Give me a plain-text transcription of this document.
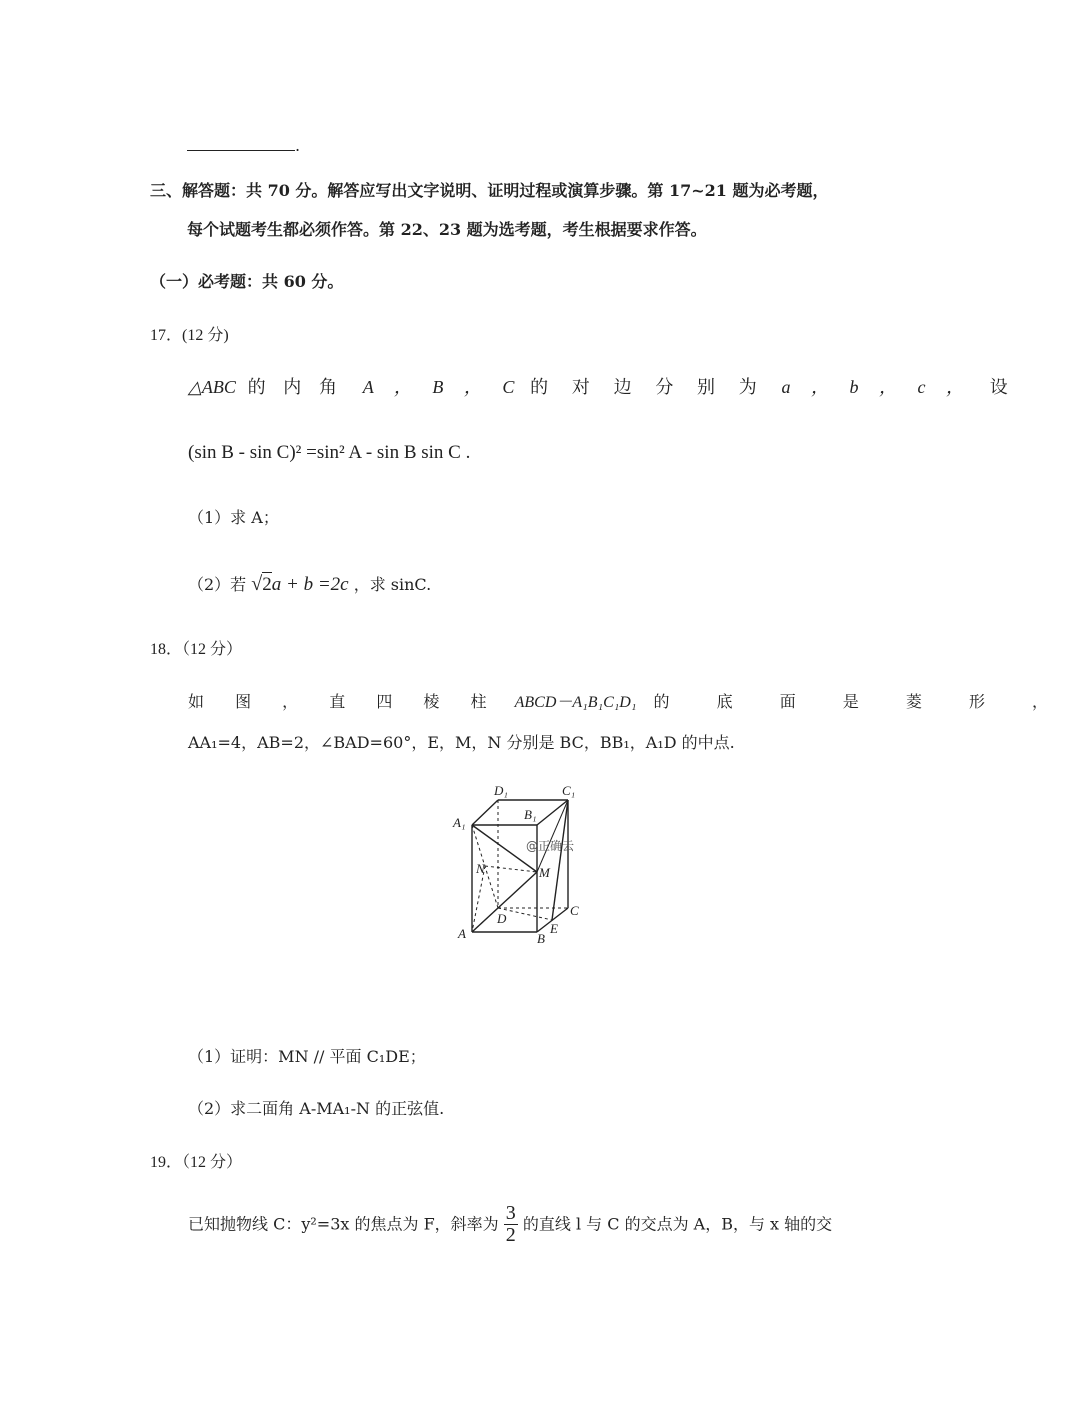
.
三、解答题：共 70 分。解答应写出文字说明、证明过程或演算步骤。第 17~21 题为必考题，
每个试题考生都必须作答。第 22、23 题为选考题，考生根据要求作答。
（一）必考题：共 60 分。
17．(12 分)
△ABC 的 内 角 A ， B ， C 的 对 边 分 别 为 a ， b ， c ， 设
(sin B - sin C)² =sin² A - sin B sin C .
（1）求 A；
（2）若 √2a + b =2c ，求 sinC.
18．（12 分）
如 图 ， 直 四 棱 柱 ABCD－A₁B₁C₁D₁ 的 底 面 是 菱 形 ，
AA₁=4，AB=2，∠BAD=60°，E，M，N 分别是 BC，BB₁，A₁D 的中点.
A₁
D₁	C₁
B₁
N	M
C
D
A	B
E
@正确云
（1）证明：MN // 平面 C₁DE；
（2）求二面角 A-MA₁-N 的正弦值.
19．（12 分）
已知抛物线 C：y²=3x 的焦点为 F，斜率为 $\frac{3}{2}$ 的直线 l 与 C 的交点为 A，B，与 x 轴的交
